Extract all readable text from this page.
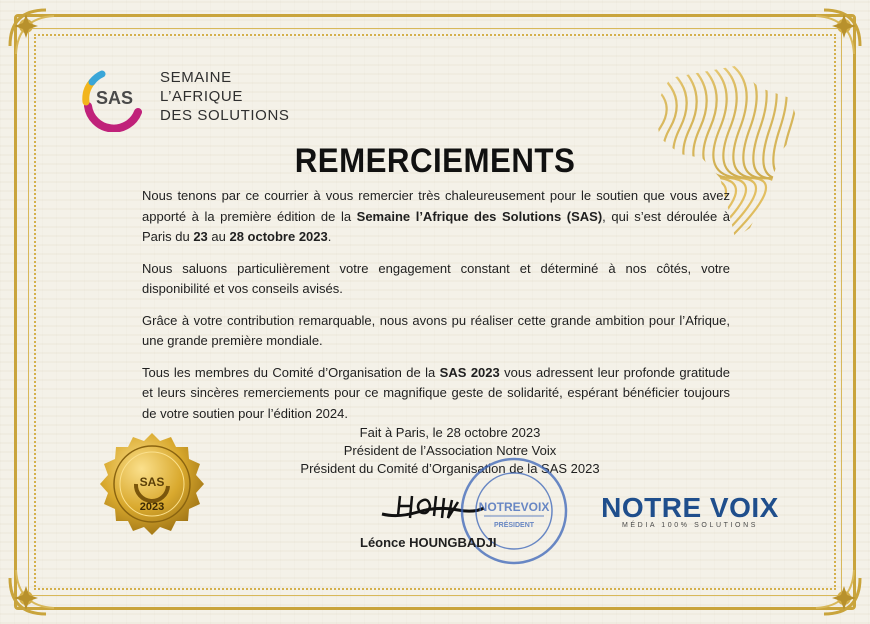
SAS
SEMAINE
L’AFRIQUE
DES SOLUTIONS
REMERCIEMENTS

Nous tenons par ce courrier à vous remercier très chaleureusement pour le soutien que vous avez apporté à la première édition de la Semaine l’Afrique des Solutions (SAS), qui s’est déroulée à Paris du 23 au 28 octobre 2023.

Nous saluons particulièrement votre engagement constant et déterminé à nos côtés, votre disponibilité et vos conseils avisés.

Grâce à votre contribution remarquable, nous avons pu réaliser cette grande ambition pour l’Afrique, une grande première mondiale.

Tous les membres du Comité d’Organisation de la SAS 2023 vous adressent leur profonde gratitude et leurs sincères remerciements pour ce magnifique geste de solidarité, espérant bénéficier toujours de votre soutien pour l’édition 2024.

Fait à Paris, le 28 octobre 2023
Président de l’Association Notre Voix
Président du Comité d’Organisation de la SAS 2023
NOTREVOIX
PRÉSIDENT
Léonce HOUNGBADJI
SAS
2023	NOTRE VOIX
MÉDIA 100% SOLUTIONS
